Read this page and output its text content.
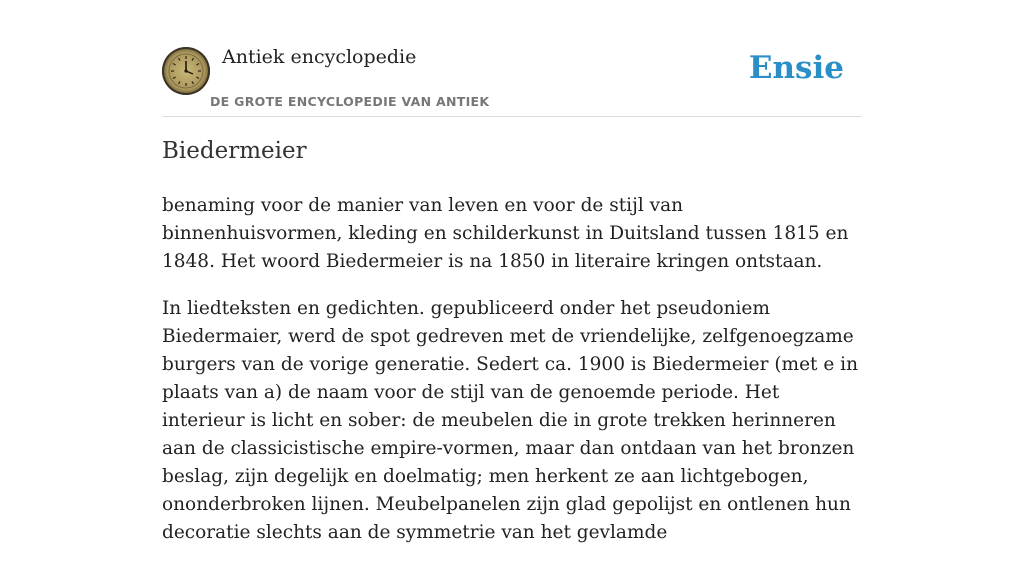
Antiek encyclopedie
DE GROTE ENCYCLOPEDIE VAN ANTIEK
Ensie
Biedermeier

benaming voor de manier van leven en voor de stijl van binnenhuisvormen, kleding en schilderkunst in Duitsland tussen 1815 en 1848. Het woord Biedermeier is na 1850 in literaire kringen ontstaan.

In liedteksten en gedichten. gepubliceerd onder het pseudoniem Biedermaier, werd de spot gedreven met de vriendelijke, zelfgenoegzame burgers van de vorige generatie. Sedert ca. 1900 is Biedermeier (met e in plaats van a) de naam voor de stijl van de genoemde periode. Het interieur is licht en sober: de meubelen die in grote trekken herinneren aan de classicistische empire-vormen, maar dan ontdaan van het bronzen beslag, zijn degelijk en doelmatig; men herkent ze aan lichtgebogen, ononderbroken lijnen. Meubelpanelen zijn glad gepolijst en ontlenen hun decoratie slechts aan de symmetrie van het gevlamde
